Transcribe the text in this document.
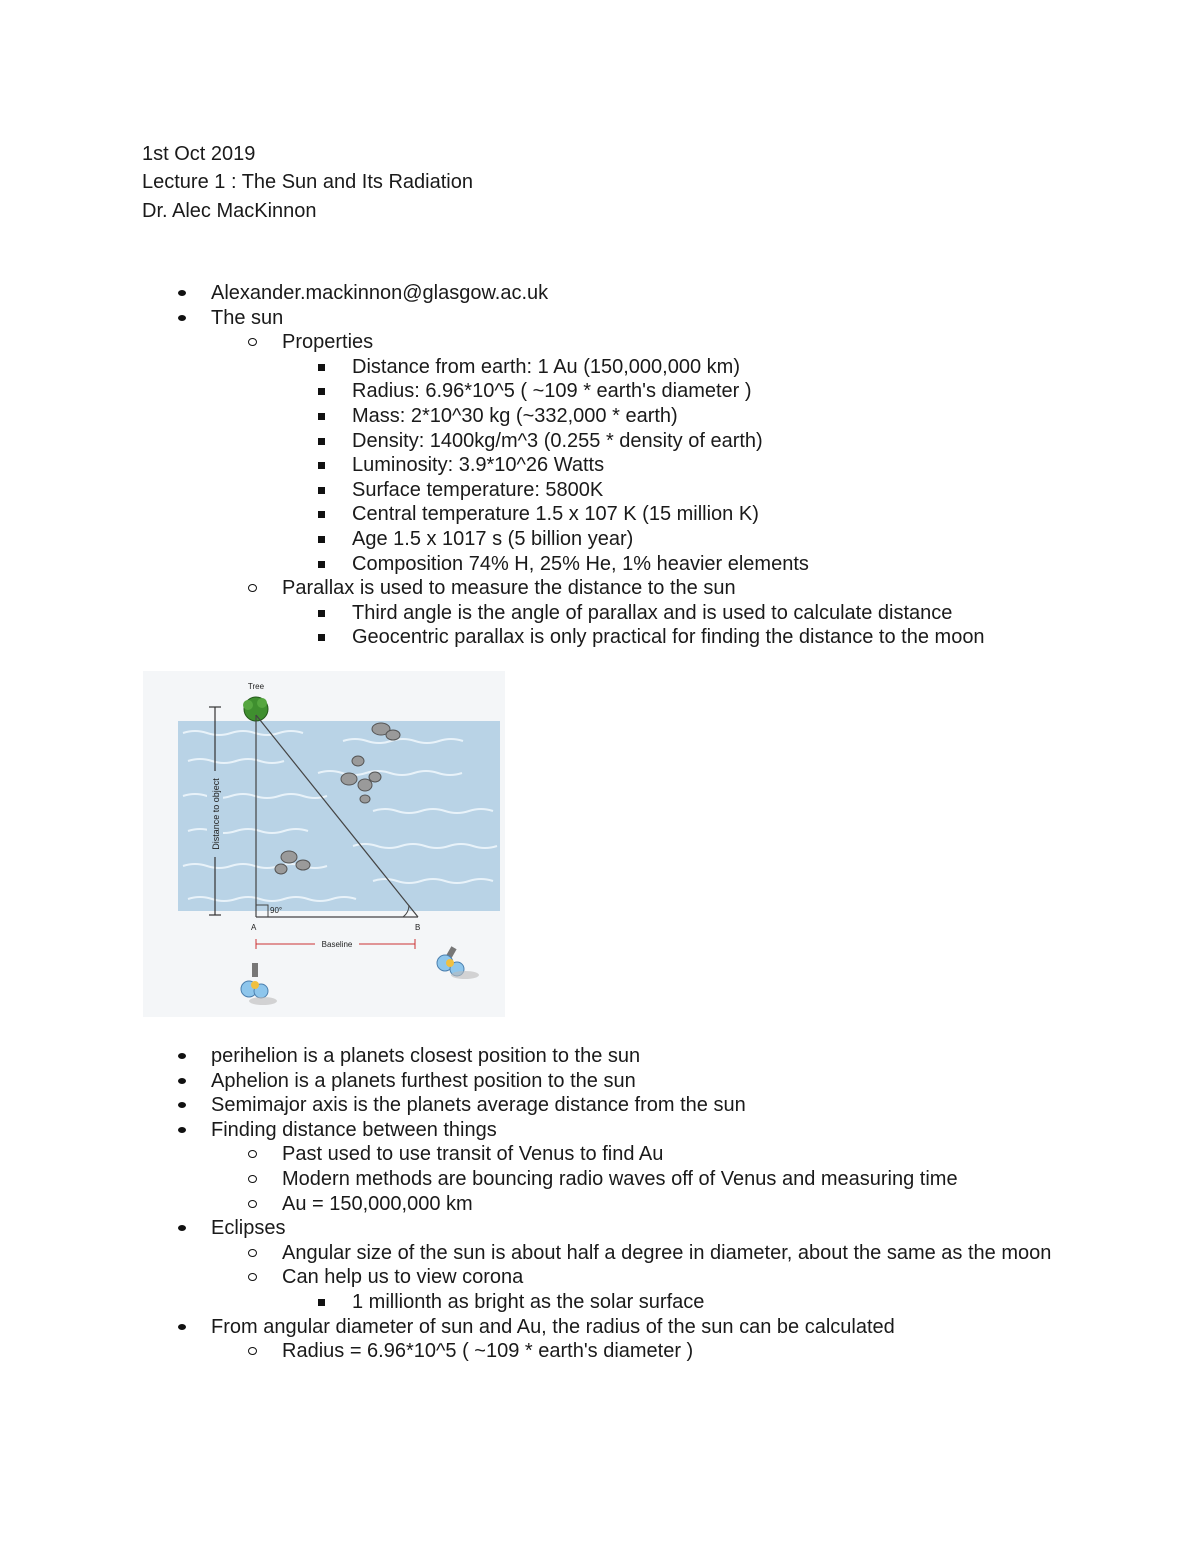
1st Oct 2019
Lecture 1 : The Sun and Its Radiation
Dr. Alec MacKinnon
Alexander.mackinnon@glasgow.ac.uk
The sun
Properties
Distance from earth: 1 Au (150,000,000 km)
Radius: 6.96*10^5 ( ~109 * earth's diameter )
Mass: 2*10^30 kg (~332,000 * earth)
Density: 1400kg/m^3 (0.255 * density of earth)
Luminosity: 3.9*10^26 Watts
Surface temperature: 5800K
Central temperature 1.5 x 107 K (15 million K)
Age 1.5 x 1017 s (5 billion year)
Composition 74% H, 25% He, 1% heavier elements
Parallax is used to measure the distance to the sun
Third angle is the angle of parallax and is used to calculate distance
Geocentric parallax is only practical for finding the distance to the moon
Distance to object
Tree
90°
A	B
Baseline
perihelion is a planets closest position to the sun
Aphelion is a planets furthest position to the sun
Semimajor axis is the planets average distance from the sun
Finding distance between things
Past used to use transit of Venus to find Au
Modern methods are bouncing radio waves off of Venus and measuring time
Au = 150,000,000 km
Eclipses
Angular size of the sun is about half a degree in diameter, about the same as the moon
Can help us to view corona
1 millionth as bright as the solar surface
From angular diameter of sun and Au, the radius of the sun can be calculated
Radius = 6.96*10^5 ( ~109 * earth's diameter )
